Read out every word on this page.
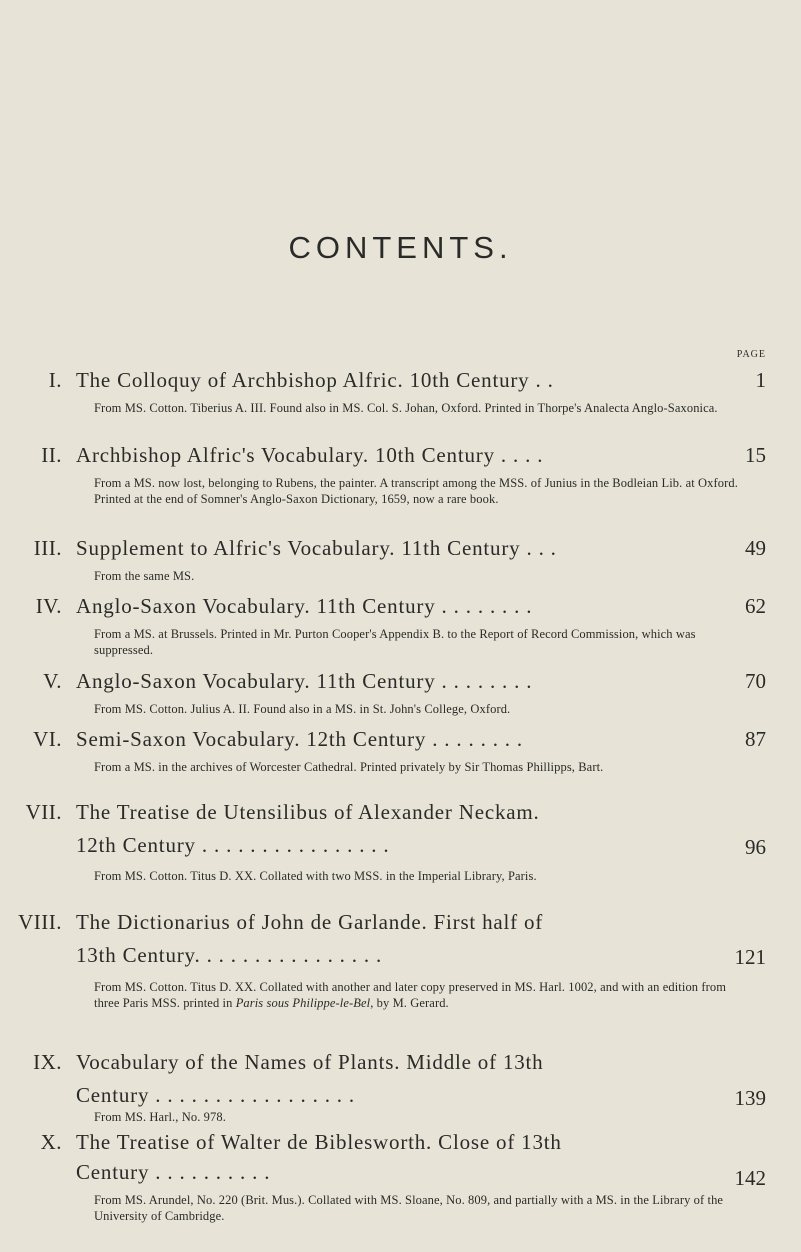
CONTENTS.
PAGE
I. The Colloquy of Archbishop Alfric. 10th Century . .	1
From MS. Cotton. Tiberius A. III. Found also in MS. Col. S. Johan, Oxford. Printed in Thorpe's Analecta Anglo-Saxonica.
II. Archbishop Alfric's Vocabulary. 10th Century . . . .	15
From a MS. now lost, belonging to Rubens, the painter. A transcript among the MSS. of Junius in the Bodleian Lib. at Oxford. Printed at the end of Somner's Anglo-Saxon Dictionary, 1659, now a rare book.
III. Supplement to Alfric's Vocabulary. 11th Century . . .	49
From the same MS.
IV. Anglo-Saxon Vocabulary. 11th Century . . . . . . . .	62
From a MS. at Brussels. Printed in Mr. Purton Cooper's Appendix B. to the Report of Record Commission, which was suppressed.
V. Anglo-Saxon Vocabulary. 11th Century . . . . . . . .	70
From MS. Cotton. Julius A. II. Found also in a MS. in St. John's College, Oxford.
VI. Semi-Saxon Vocabulary. 12th Century . . . . . . . .	87
From a MS. in the archives of Worcester Cathedral. Printed privately by Sir Thomas Phillipps, Bart.
VII. The Treatise de Utensilibus of Alexander Neckam.
12th Century . . . . . . . . . . . . . . . .	96
From MS. Cotton. Titus D. XX. Collated with two MSS. in the Imperial Library, Paris.
VIII. The Dictionarius of John de Garlande. First half of
13th Century. . . . . . . . . . . . . . . .	121
From MS. Cotton. Titus D. XX. Collated with another and later copy preserved in MS. Harl. 1002, and with an edition from three Paris MSS. printed in Paris sous Philippe-le-Bel, by M. Gerard.
IX. Vocabulary of the Names of Plants. Middle of 13th
Century . . . . . . . . . . . . . . . . .	139
From MS. Harl., No. 978.
X. The Treatise of Walter de Biblesworth. Close of 13th
Century . . . . . . . . . .	142
From MS. Arundel, No. 220 (Brit. Mus.). Collated with MS. Sloane, No. 809, and partially with a MS. in the Library of the University of Cambridge.
